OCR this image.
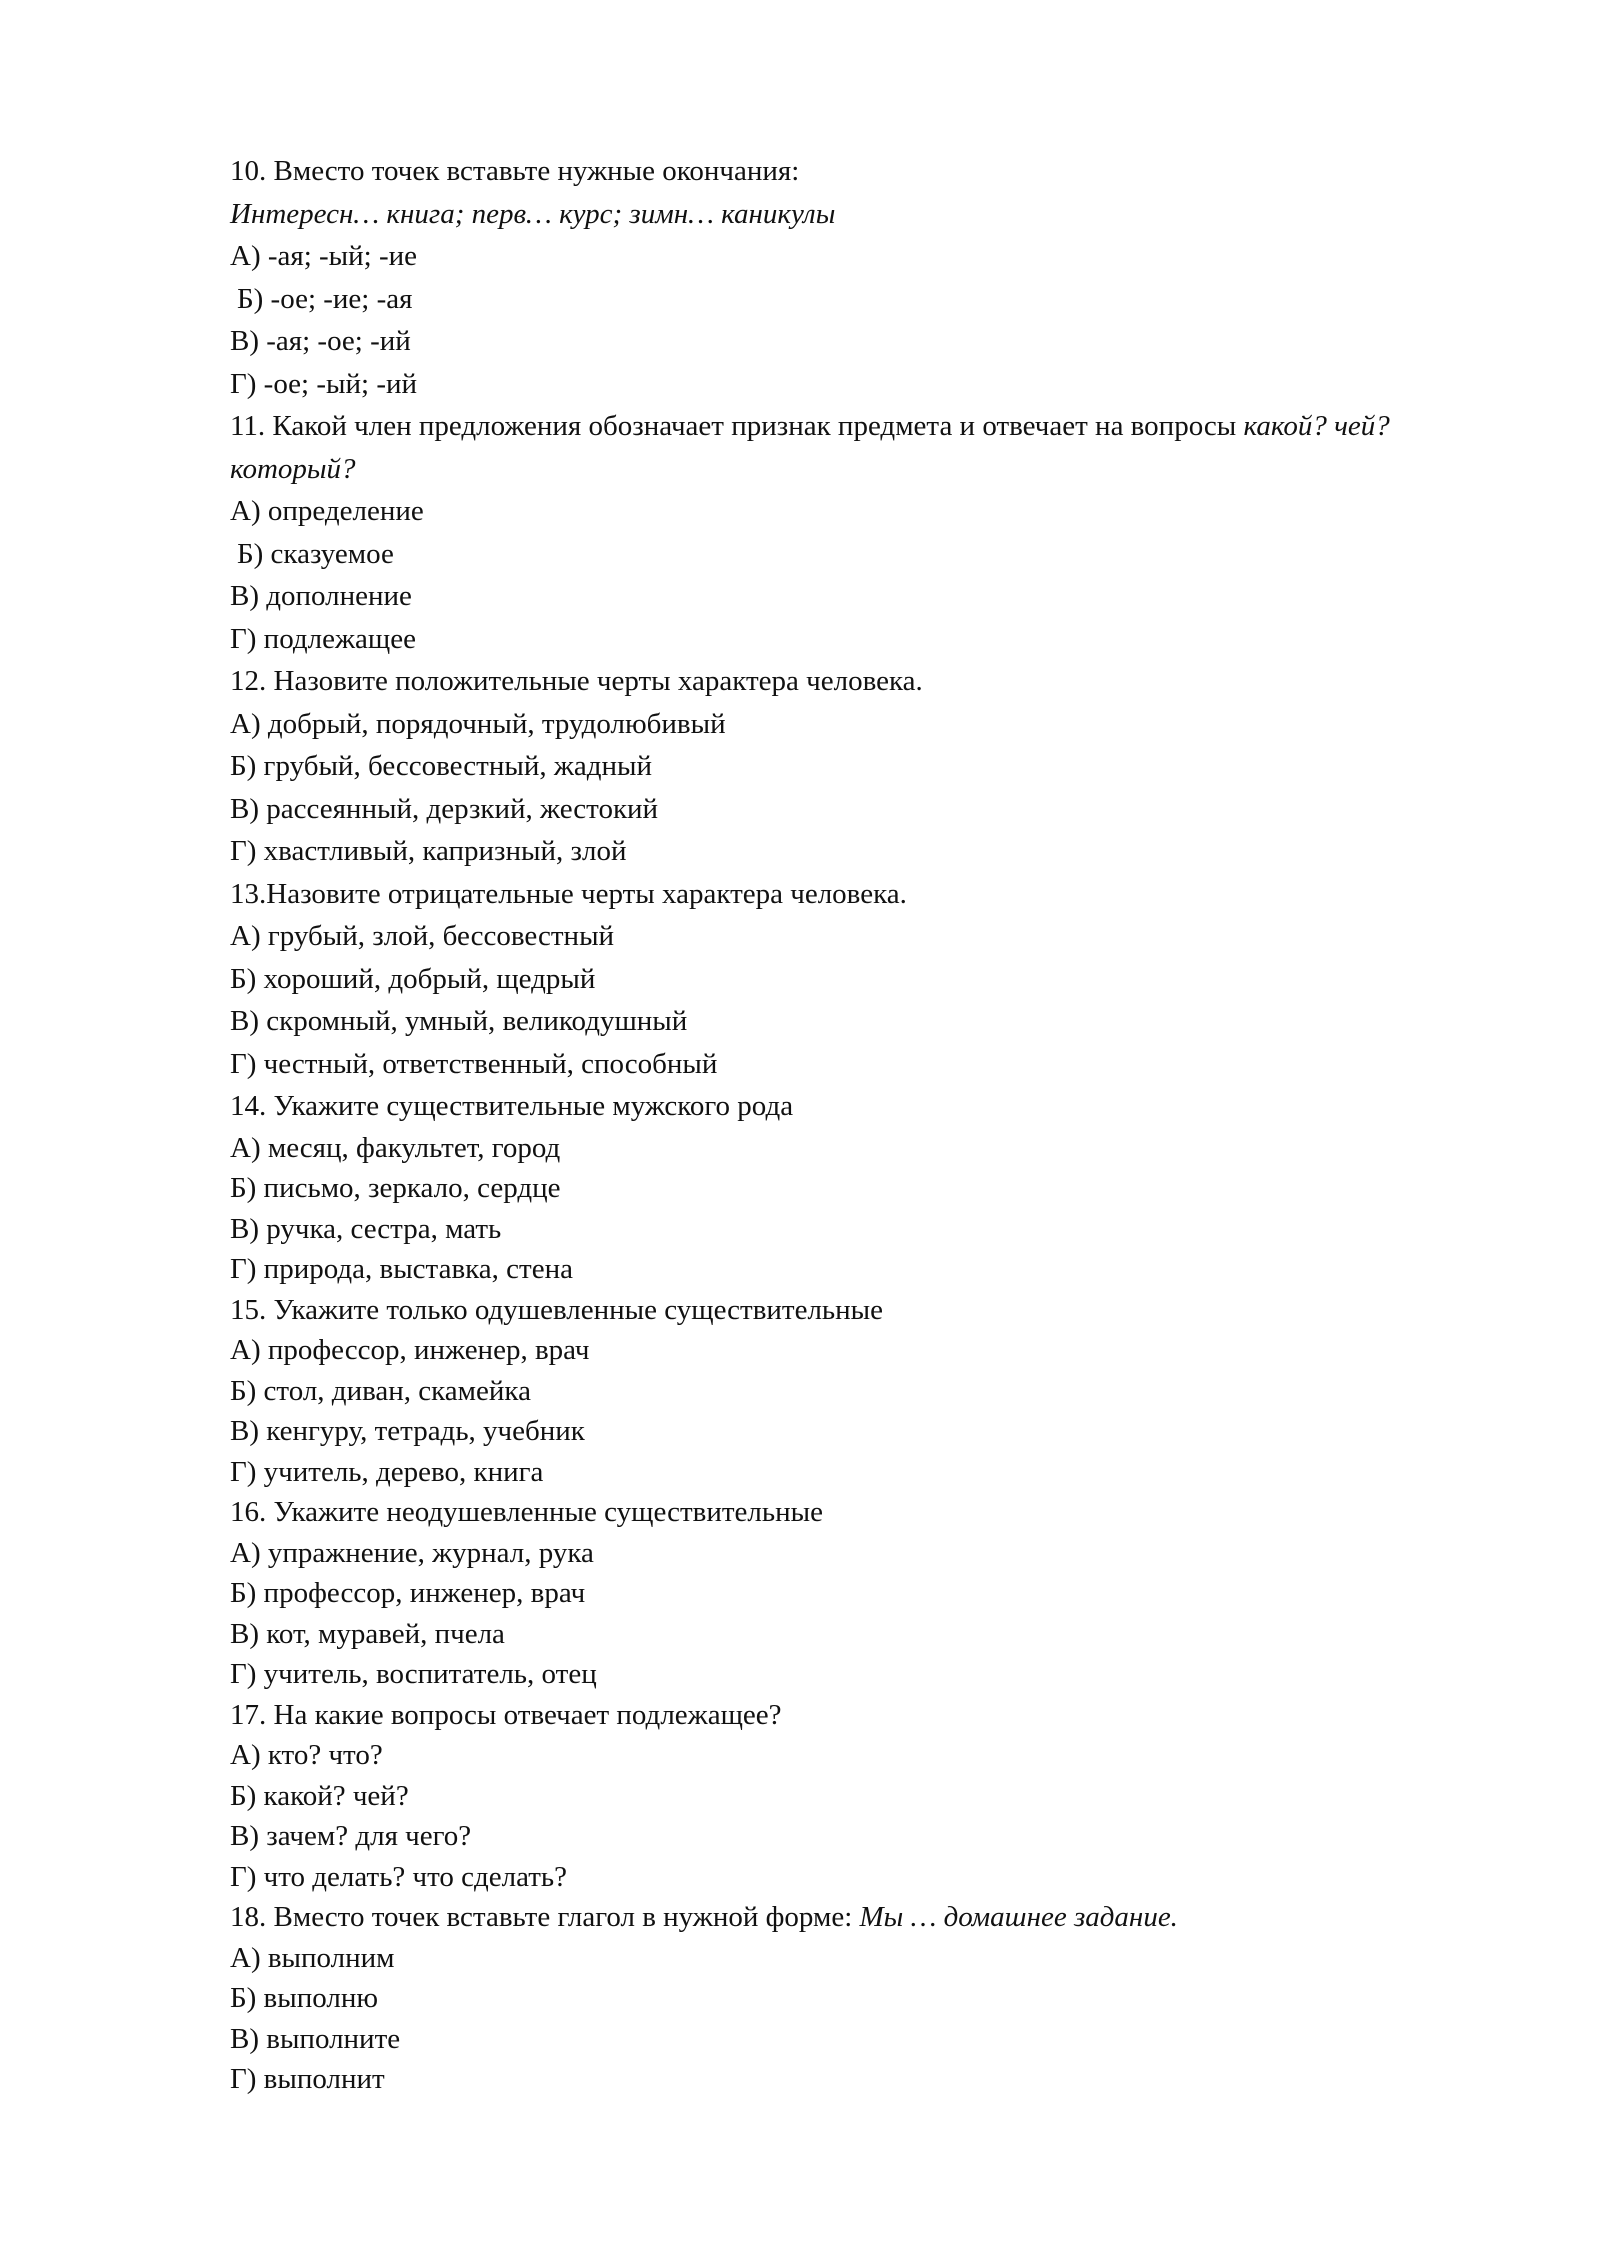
10. Вместо точек вставьте нужные окончания:
Интересн… книга; перв… курс; зимн… каникулы
А) -ая; -ый; -ие
Б) -ое; -ие; -ая
В) -ая; -ое; -ий
Г) -ое; -ый; -ий
11. Какой член предложения обозначает признак предмета и отвечает на вопросы какой? чей? который?
А) определение
Б) сказуемое
В) дополнение
Г) подлежащее
12. Назовите положительные черты характера человека.
А) добрый, порядочный, трудолюбивый
Б) грубый, бессовестный, жадный
В) рассеянный, дерзкий, жестокий
Г) хвастливый, капризный, злой
13.Назовите отрицательные черты характера человека.
А) грубый, злой, бессовестный
Б) хороший, добрый, щедрый
В) скромный, умный, великодушный
Г) честный, ответственный, способный
14. Укажите существительные мужского рода
А) месяц, факультет, город
Б) письмо, зеркало, сердце
В) ручка, сестра, мать
Г) природа, выставка, стена
15. Укажите только одушевленные существительные
А) профессор, инженер, врач
Б) стол, диван, скамейка
В) кенгуру, тетрадь, учебник
Г) учитель, дерево, книга
16. Укажите неодушевленные существительные
А) упражнение, журнал, рука
Б) профессор, инженер, врач
В) кот, муравей, пчела
Г) учитель, воспитатель, отец
17. На какие вопросы отвечает подлежащее?
А) кто? что?
Б) какой? чей?
В) зачем? для чего?
Г) что делать? что сделать?
18. Вместо точек вставьте глагол в нужной форме: Мы … домашнее задание.
А) выполним
Б) выполню
В) выполните
Г) выполнит
